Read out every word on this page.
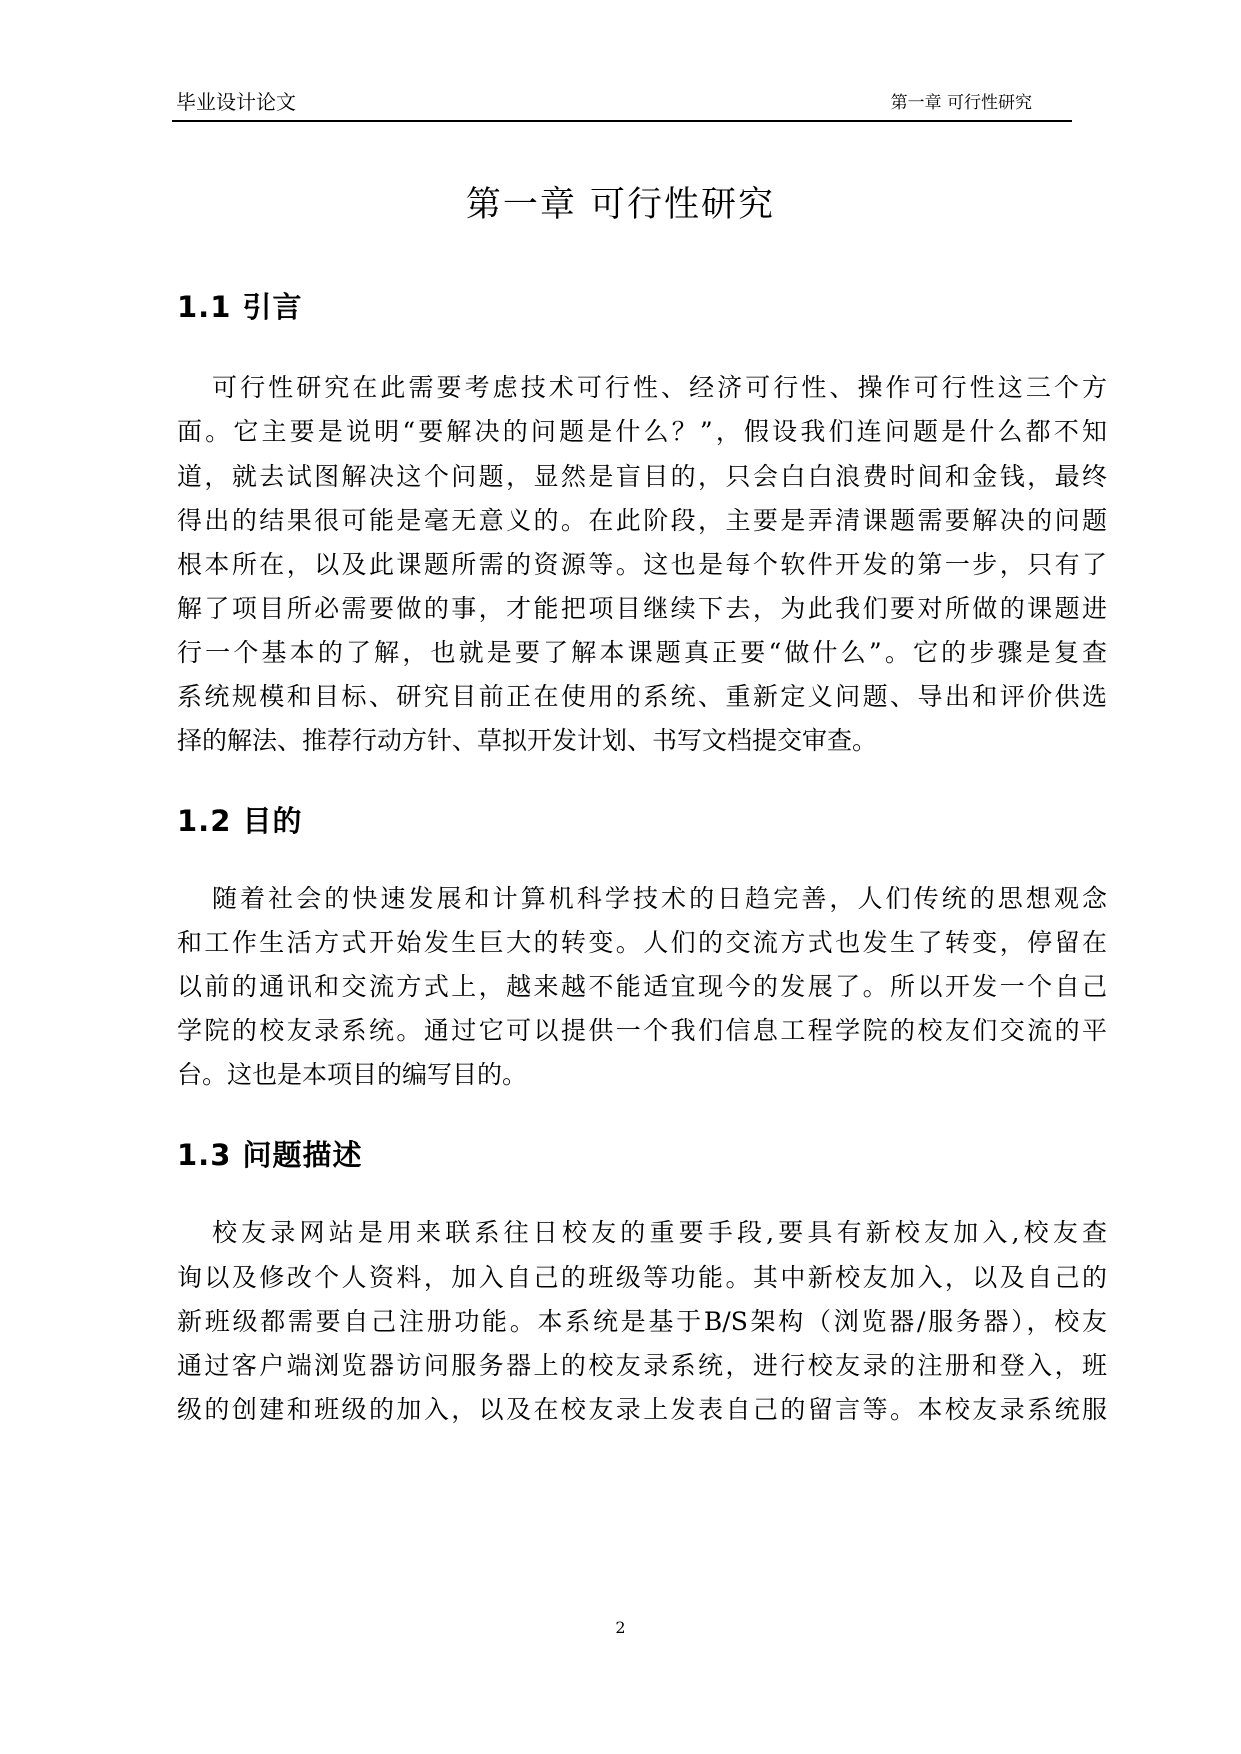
毕业设计论文	第一章 可行性研究
第一章 可行性研究
1.1 引言
可行性研究在此需要考虑技术可行性、经济可行性、操作可行性这三个方
面。它主要是说明“要解决的问题是什么？”，假设我们连问题是什么都不知
道，就去试图解决这个问题，显然是盲目的，只会白白浪费时间和金钱，最终
得出的结果很可能是毫无意义的。在此阶段，主要是弄清课题需要解决的问题
根本所在，以及此课题所需的资源等。这也是每个软件开发的第一步，只有了
解了项目所必需要做的事，才能把项目继续下去，为此我们要对所做的课题进
行一个基本的了解，也就是要了解本课题真正要“做什么”。它的步骤是复查
系统规模和目标、研究目前正在使用的系统、重新定义问题、导出和评价供选
择的解法、推荐行动方针、草拟开发计划、书写文档提交审查。
1.2 目的
随着社会的快速发展和计算机科学技术的日趋完善，人们传统的思想观念
和工作生活方式开始发生巨大的转变。人们的交流方式也发生了转变，停留在
以前的通讯和交流方式上，越来越不能适宜现今的发展了。所以开发一个自己
学院的校友录系统。通过它可以提供一个我们信息工程学院的校友们交流的平
台。这也是本项目的编写目的。
1.3 问题描述
校友录网站是用来联系往日校友的重要手段,要具有新校友加入,校友查
询以及修改个人资料，加入自己的班级等功能。其中新校友加入，以及自己的
新班级都需要自己注册功能。本系统是基于B/S架构（浏览器/服务器），校友
通过客户端浏览器访问服务器上的校友录系统，进行校友录的注册和登入，班
级的创建和班级的加入，以及在校友录上发表自己的留言等。本校友录系统服
2
